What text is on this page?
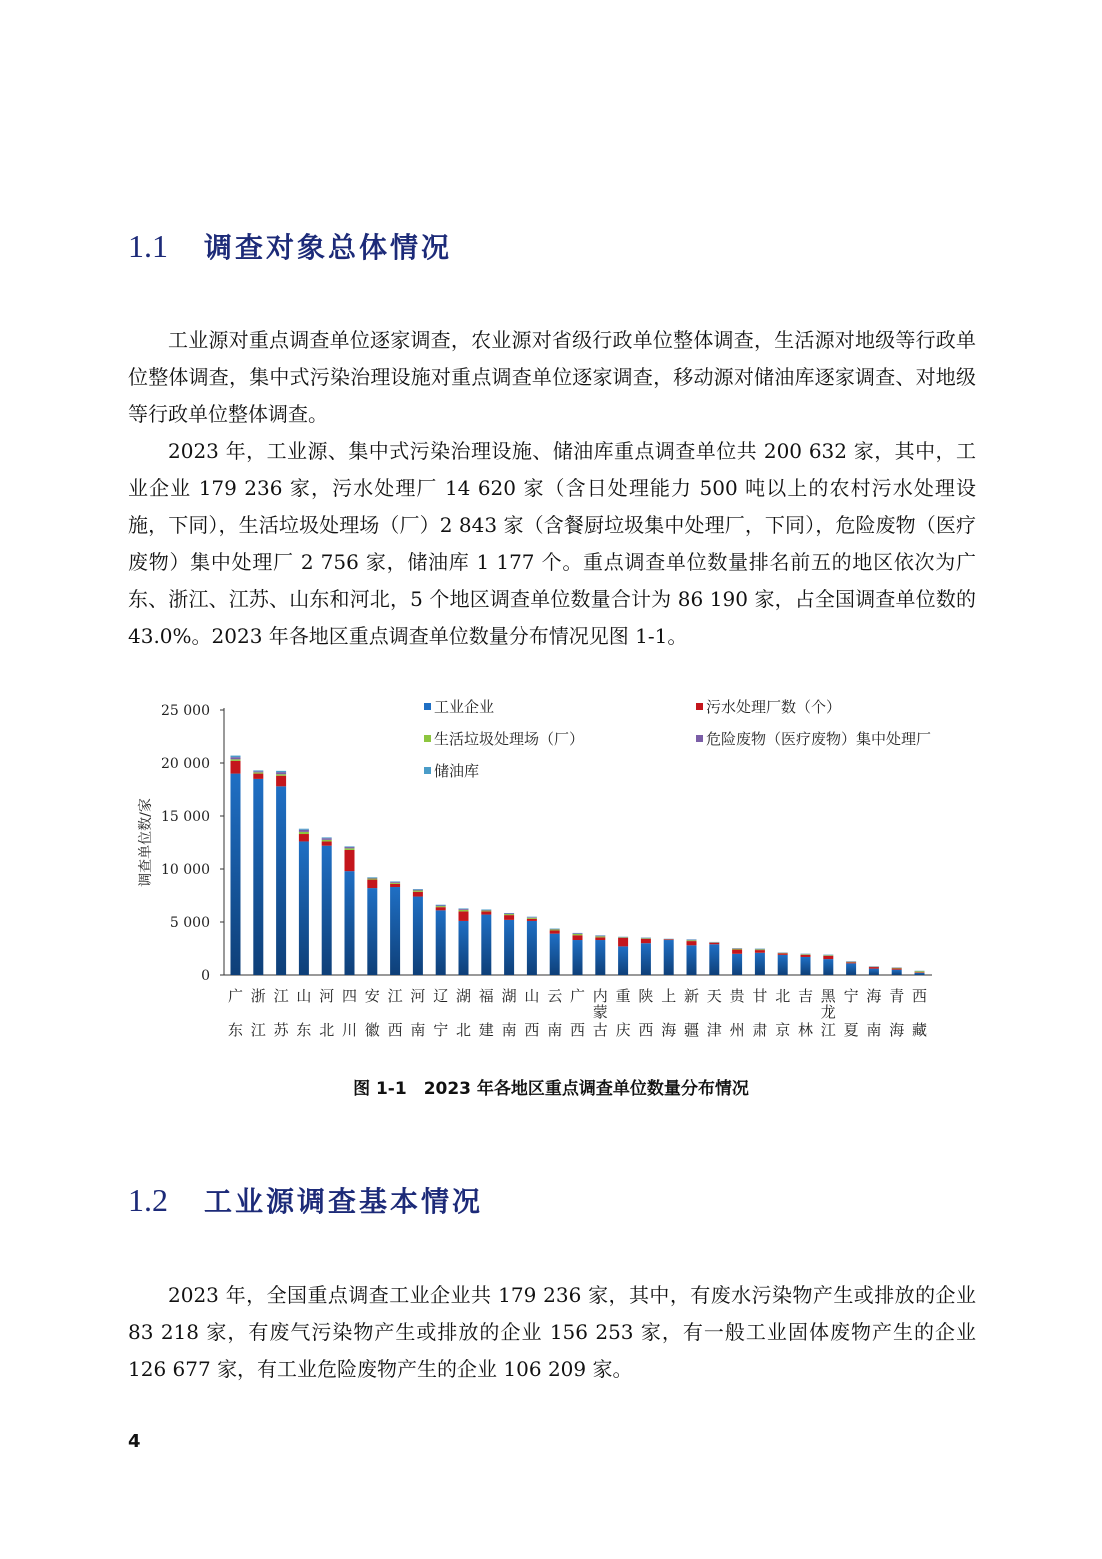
1.1	调查对象总体情况

工业源对重点调查单位逐家调查，农业源对省级行政单位整体调查，生活源对地级等行政单位整体调查，集中式污染治理设施对重点调查单位逐家调查，移动源对储油库逐家调查、对地级等行政单位整体调查。

2023 年，工业源、集中式污染治理设施、储油库重点调查单位共 200 632 家，其中，工业企业 179 236 家，污水处理厂 14 620 家（含日处理能力 500 吨以上的农村污水处理设施，下同），生活垃圾处理场（厂）2 843 家（含餐厨垃圾集中处理厂，下同），危险废物（医疗废物）集中处理厂 2 756 家，储油库 1 177 个。重点调查单位数量排名前五的地区依次为广东、浙江、江苏、山东和河北，5 个地区调查单位数量合计为 86 190 家，占全国调查单位数的 43.0%。2023 年各地区重点调查单位数量分布情况见图 1-1。

0
5 000
10 000
15 000
20 000
25 000
调查单位数/家
广
东
浙
江
江
苏
山
东
河
北
四
川
安
徽
江
西
河
南
辽
宁
湖
北
福
建
湖
南
山
西
云
南
广
西
内
蒙
古
重
庆
陕
西
上
海
新
疆
天
津
贵
州
甘
肃
北
京
吉
林
黑
龙
江
宁
夏
海
南
青
海
西
藏
工业企业	污水处理厂数（个）
生活垃圾处理场（厂）	危险废物（医疗废物）集中处理厂
储油库

图 1-1　2023 年各地区重点调查单位数量分布情况

1.2	工业源调查基本情况

2023 年，全国重点调查工业企业共 179 236 家，其中，有废水污染物产生或排放的企业 83 218 家，有废气污染物产生或排放的企业 156 253 家，有一般工业固体废物产生的企业 126 677 家，有工业危险废物产生的企业 106 209 家。

4
